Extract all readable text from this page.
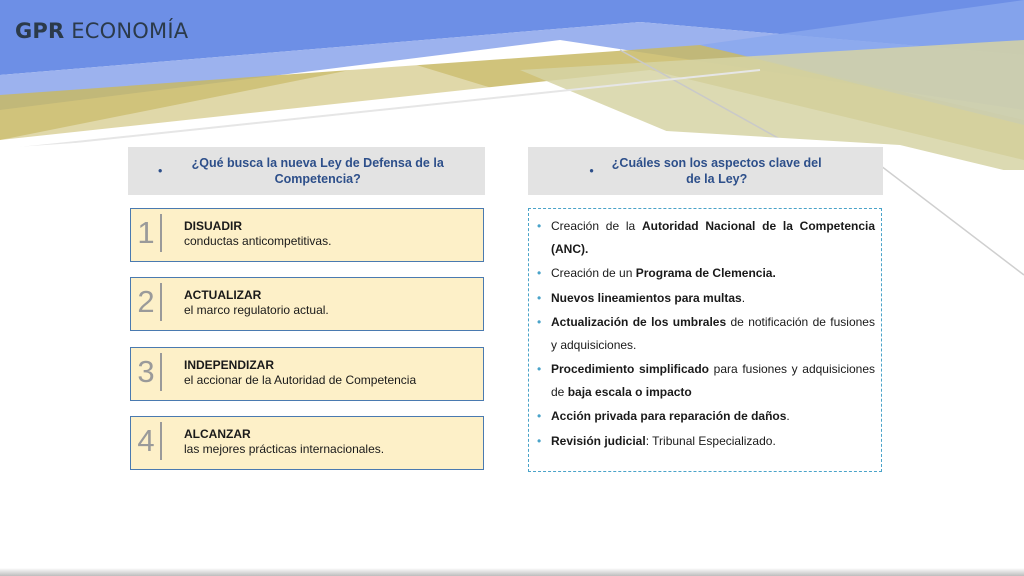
GPR ECONOMÍA
•
¿Qué busca la nueva Ley de Defensa de la Competencia?
•
¿Cuáles son los aspectos clave del
de la Ley?
1 DISUADIR
conductas anticompetitivas.
2 ACTUALIZAR
el marco regulatorio actual.
3 INDEPENDIZAR
el accionar de la Autoridad de Competencia
4 ALCANZAR
las mejores prácticas internacionales.
• Creación de la Autoridad Nacional de la Competencia (ANC).
• Creación de un Programa de Clemencia.
• Nuevos lineamientos para multas.
• Actualización de los umbrales de notificación de fusiones y adquisiciones.
• Procedimiento simplificado para fusiones y adquisiciones de baja escala o impacto
• Acción privada para reparación de daños.
• Revisión judicial: Tribunal Especializado.
